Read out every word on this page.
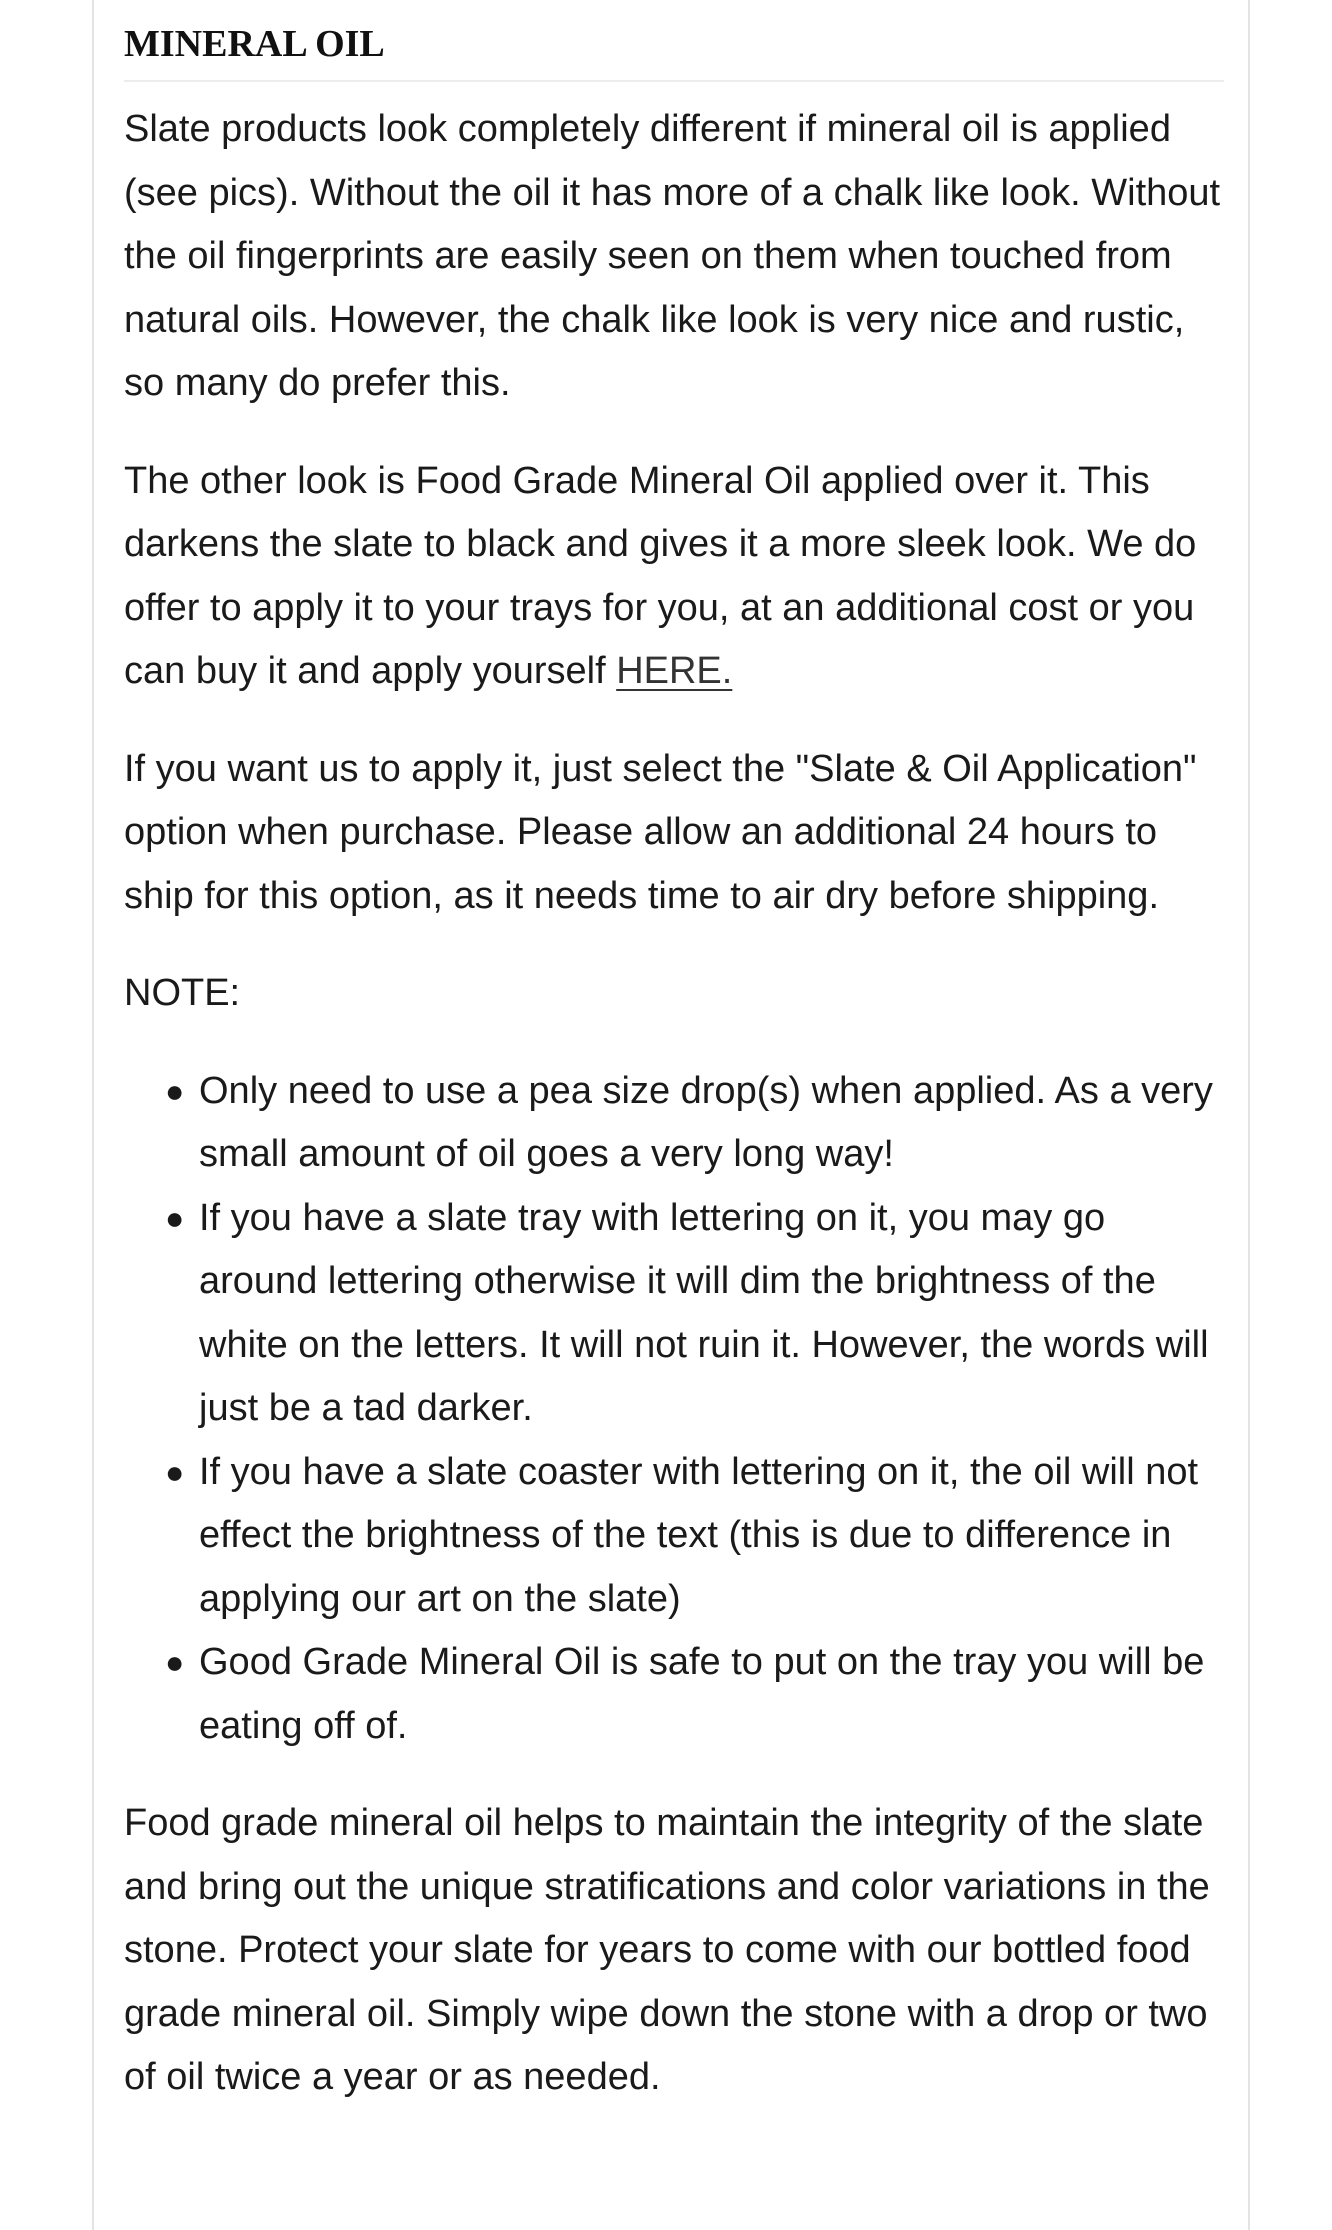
MINERAL OIL

Slate products look completely different if mineral oil is applied (see pics). Without the oil it has more of a chalk like look. Without the oil fingerprints are easily seen on them when touched from natural oils. However, the chalk like look is very nice and rustic, so many do prefer this.

The other look is Food Grade Mineral Oil applied over it. This darkens the slate to black and gives it a more sleek look. We do offer to apply it to your trays for you, at an additional cost or you can buy it and apply yourself HERE.

If you want us to apply it, just select the "Slate & Oil Application" option when purchase. Please allow an additional 24 hours to ship for this option, as it needs time to air dry before shipping.

NOTE:

● Only need to use a pea size drop(s) when applied. As a very small amount of oil goes a very long way!
● If you have a slate tray with lettering on it, you may go around lettering otherwise it will dim the brightness of the white on the letters. It will not ruin it. However, the words will just be a tad darker.
● If you have a slate coaster with lettering on it, the oil will not effect the brightness of the text (this is due to difference in applying our art on the slate)
● Good Grade Mineral Oil is safe to put on the tray you will be eating off of.

Food grade mineral oil helps to maintain the integrity of the slate and bring out the unique stratifications and color variations in the stone. Protect your slate for years to come with our bottled food grade mineral oil. Simply wipe down the stone with a drop or two of oil twice a year or as needed.
